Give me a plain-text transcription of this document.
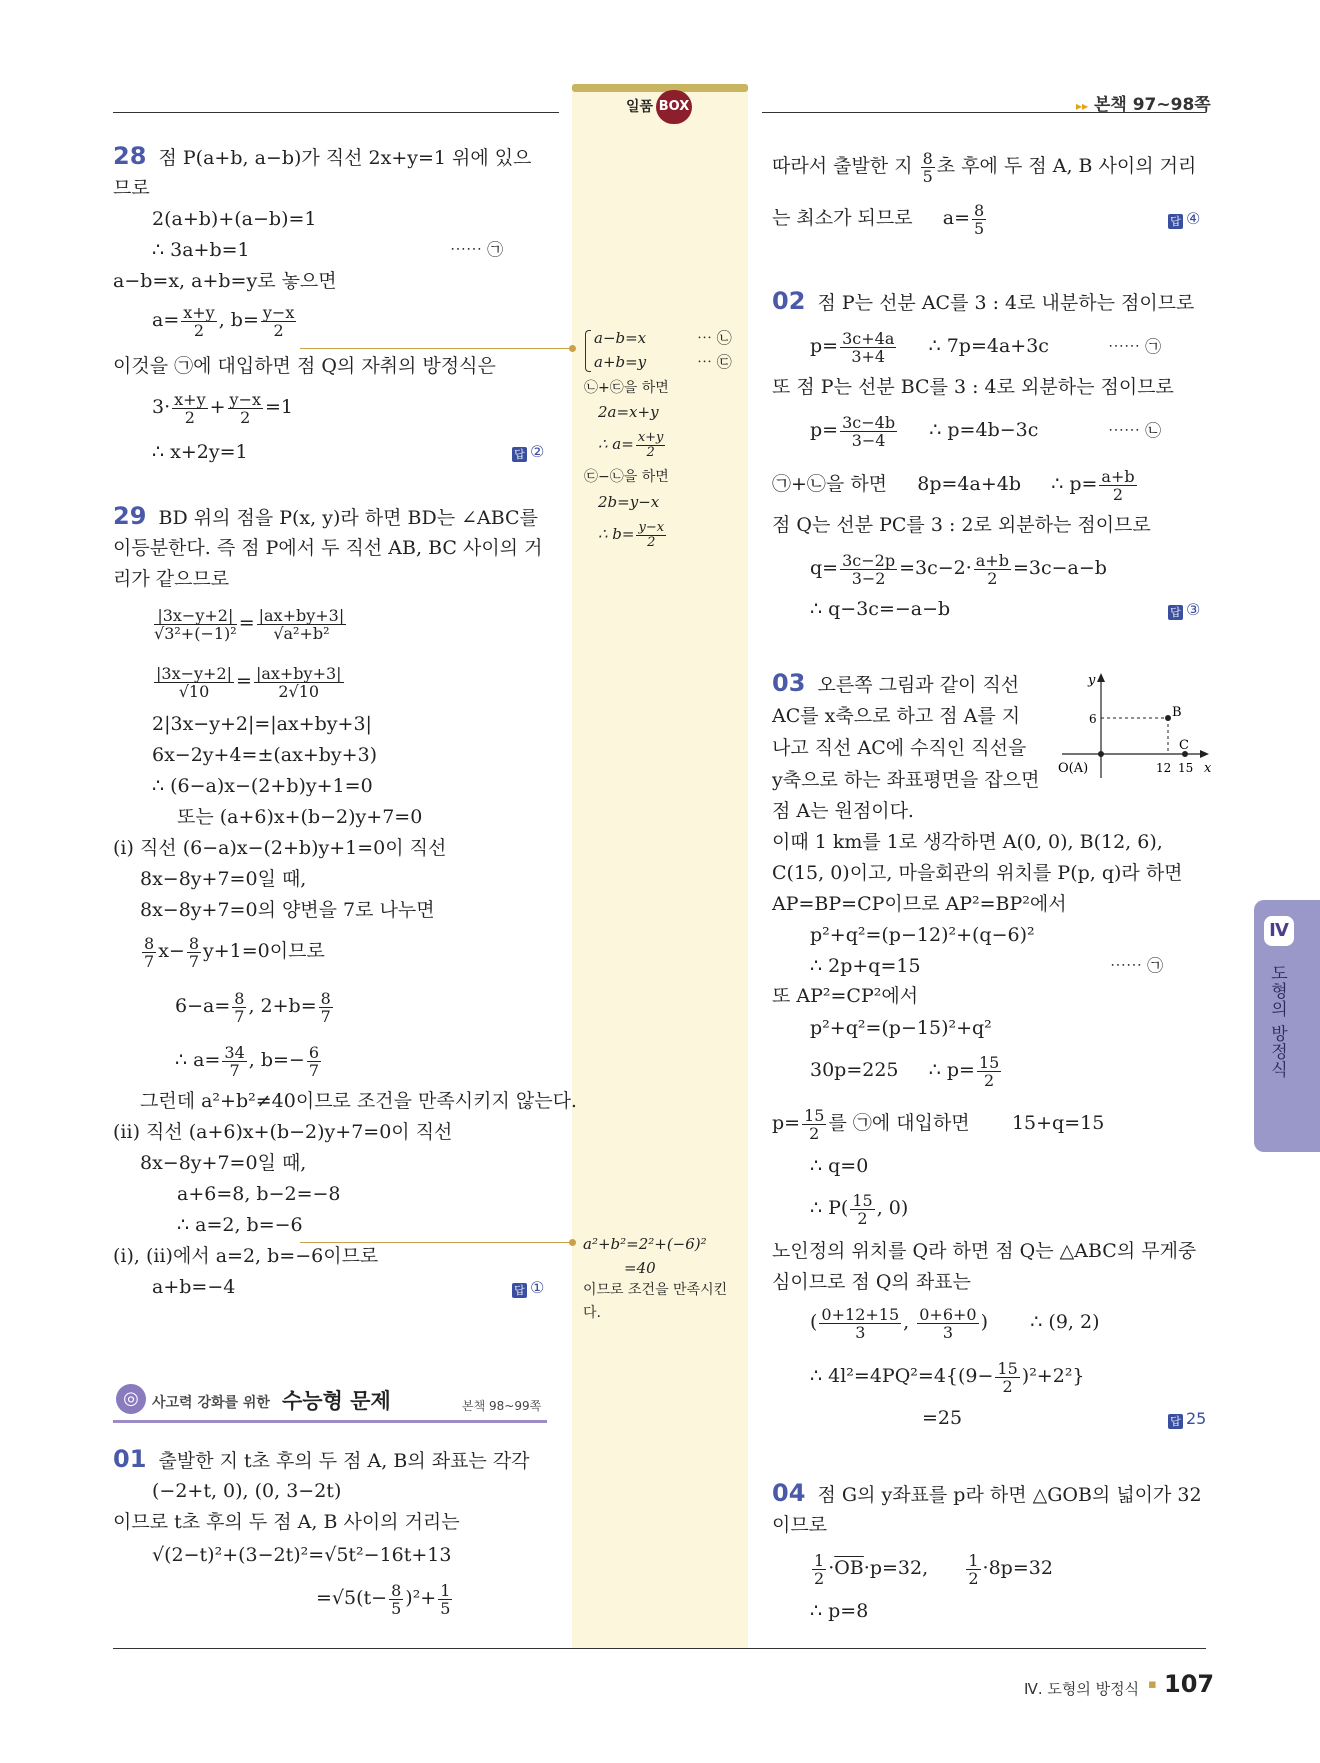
일품 BOX	▸▸ 본책 97~98쪽
28 점 P(a+b, a−b)가 직선 2x+y=1 위에 있으
므로
2(a+b)+(a−b)=1
∴ 3a+b=1	⋯⋯ ㉠
a−b=x, a+b=y로 놓으면
$a= \frac{x+y}{2}$ , $b= \frac{y-x}{2}$
이것을 ㉠에 대입하면 점 Q의 자취의 방정식은
$3\cdot \frac{x+y}{2} + \frac{y-x}{2} =1$
∴ x+2y=1	답 ②
a−b=x	⋯ ㉡
a+b=y	⋯ ㉢
㉡+㉢을 하면
2a=x+y
∴ $a= \frac{x+y}{2}$
㉢−㉡을 하면
2b=y−x
∴ $b= \frac{y-x}{2}$
29 BD 위의 점을 P(x, y)라 하면 BD는 ∠ABC를
이등분한다. 즉 점 P에서 두 직선 AB, BC 사이의 거
리가 같으므로
$\frac{|3x-y+2|}{\text{√3²+(−1)²}} = \frac{|ax+by+3|}{\text{√a²+b²}}$
$\frac{|3x-y+2|}{√10} = \frac{|ax+by+3|}{2√10}$
2|3x−y+2|=|ax+by+3|
6x−2y+4=±(ax+by+3)
∴ (6−a)x−(2+b)y+1=0
또는 (a+6)x+(b−2)y+7=0
(i) 직선 (6−a)x−(2+b)y+1=0이 직선
8x−8y+7=0일 때,
8x−8y+7=0의 양변을 7로 나누면
$\frac{8}{7} x- \frac{8}{7} y+1=0$이므로
$6-a= \frac{8}{7}$ , $2+b= \frac{8}{7}$
∴ $a= \frac{34}{7}$ , $b=- \frac{6}{7}$
그런데 a²+b²≠40이므로 조건을 만족시키지 않는다.
(ii) 직선 (a+6)x+(b−2)y+7=0이 직선
8x−8y+7=0일 때,
a+6=8, b−2=−8
∴ a=2, b=−6
(i), (ii)에서 a=2, b=−6이므로
a+b=−4	답 ①
a²+b²=2²+(−6)²
=40
이므로 조건을 만족시킨
다.
◎ 사고력 강화를 위한 수능형 문제	본책 98~99쪽
01 출발한 지 t초 후의 두 점 A, B의 좌표는 각각
(−2+t, 0), (0, 3−2t)
이므로 t초 후의 두 점 A, B 사이의 거리는
√(2−t)²+(3−2t)²=√5t²−16t+13
$=√5(t- \frac{8}{5} )^2+ \frac{1}{5}$
따라서 출발한 지 $\frac{8}{5}$ 초 후에 두 점 A, B 사이의 거리
는 최소가 되므로 $a= \frac{8}{5}$	답 ④
02 점 P는 선분 AC를 3 : 4로 내분하는 점이므로
$p= \frac{3c+4a}{3+4}$ ∴ 7p=4a+3c	⋯⋯ ㉠
또 점 P는 선분 BC를 3 : 4로 외분하는 점이므로
$p= \frac{3c-4b}{3-4}$ ∴ p=4b−3c	⋯⋯ ㉡
㉠+㉡을 하면 8p=4a+4b ∴ $p= \frac{a+b}{2}$
점 Q는 선분 PC를 3 : 2로 외분하는 점이므로
$q= \frac{3c-2p}{3-2} =3c-2\cdot \frac{a+b}{2} =3c-a-b$
∴ q−3c=−a−b	답 ③
03 오른쪽 그림과 같이 직선
AC를 x축으로 하고 점 A를 지
나고 직선 AC에 수직인 직선을
y축으로 하는 좌표평면을 잡으면
점 A는 원점이다.
y
x
O(A)
B
C
6
12 15
이때 1 km를 1로 생각하면 A(0, 0), B(12, 6),
C(15, 0)이고, 마을회관의 위치를 P(p, q)라 하면
AP=BP=CP이므로 AP²=BP²에서
p²+q²=(p−12)²+(q−6)²
∴ 2p+q=15	⋯⋯ ㉠
또 AP²=CP²에서
p²+q²=(p−15)²+q²
30p=225 ∴ $p= \frac{15}{2}$
$p= \frac{15}{2}$ 를 ㉠에 대입하면 15+q=15
∴ q=0
∴ $P( \frac{15}{2}$ , 0)
노인정의 위치를 Q라 하면 점 Q는 △ABC의 무게중
심이므로 점 Q의 좌표는
( $\frac{0+12+15}{3}$ , $\frac{0+6+0}{3}$ )       ∴ (9, 2)
∴ $4l^2=4PQ^2=4\{(9- \frac{15}{2} )^2+2^2\}$
=25	답 25
04 점 G의 y좌표를 p라 하면 △GOB의 넓이가 32
이므로
$\frac{1}{2} \cdot\overline{OB}\cdot p=32$, $\frac{1}{2} \cdot 8p=32$
∴ p=8
Ⅳ
도형의 방정식
Ⅳ. 도형의 방정식 ▪ 107
